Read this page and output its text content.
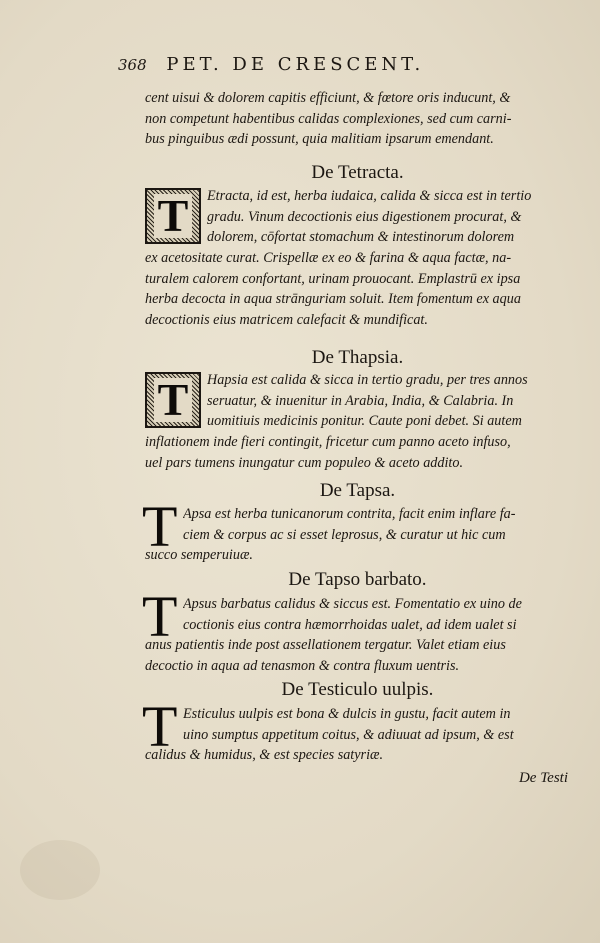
368 PET. DE CRESCENT.
cent uisui & dolorem capitis efficiunt, & fœtore oris inducunt, &
non competunt habentibus calidas complexiones, sed cum carni-
bus pinguibus ædi possunt, quia malitiam ipsarum emendant.
De Tetracta.
T Etracta, id est, herba iudaica, calida & sicca est in tertio
gradu. Vinum decoctionis eius digestionem procurat, &
dolorem, cōfortat stomachum & intestinorum dolorem
ex acetositate curat. Crispellæ ex eo & farina & aqua factæ, na-
turalem calorem confortant, urinam prouocant. Emplastrū ex ipsa
herba decocta in aqua strānguriam soluit. Item fomentum ex aqua
decoctionis eius matricem calefacit & mundificat.
De Thapsia.
T Hapsia est calida & sicca in tertio gradu, per tres annos
seruatur, & inuenitur in Arabia, India, & Calabria. In
uomitiuis medicinis ponitur. Caute poni debet. Si autem
inflationem inde fieri contingit, fricetur cum panno aceto infuso,
uel pars tumens inungatur cum populeo & aceto addito.
De Tapsa.
T Apsa est herba tunicanorum contrita, facit enim inflare fa-
ciem & corpus ac si esset leprosus, & curatur ut hic cum
succo semperuiuæ.
De Tapso barbato.
T Apsus barbatus calidus & siccus est. Fomentatio ex uino de
coctionis eius contra hæmorrhoidas ualet, ad idem ualet si
anus patientis inde post assellationem tergatur. Valet etiam eius
decoctio in aqua ad tenasmon & contra fluxum uentris.
De Testiculo uulpis.
T Esticulus uulpis est bona & dulcis in gustu, facit autem in
uino sumptus appetitum coitus, & adiuuat ad ipsum, & est
calidus & humidus, & est species satyriæ.
De Testi
